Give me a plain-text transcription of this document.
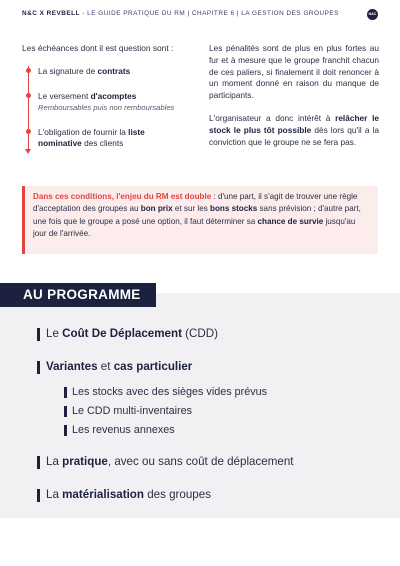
N&C X REVBELL - LE GUIDE PRATIQUE DU RM | CHAPITRE 6 | LA GESTION DES GROUPES	N&C
Les échéances dont il est question sont :
La signature de contrats
Le versement d'acomptes
Remboursables puis non remboursables
L'obligation de fournir la liste nominative des clients

Les pénalités sont de plus en plus fortes au fur et à mesure que le groupe franchit chacun de ces paliers, si finalement il doit renoncer à un moment donné en raison du manque de participants.

L'organisateur a donc intérêt à relâcher le stock le plus tôt possible dès lors qu'il a la conviction que le groupe ne se fera pas.

Dans ces conditions, l'enjeu du RM est double : d'une part, il s'agit de trouver une règle d'acceptation des groupes au bon prix et sur les bons stocks sans prévision ; d'autre part, une fois que le groupe a posé une option, il faut déterminer sa chance de survie jusqu'au jour de l'arrivée.
Le Coût De Déplacement (CDD)
Variantes et cas particulier
Les stocks avec des sièges vides prévus
Le CDD multi-inventaires
Les revenus annexes
La pratique, avec ou sans coût de déplacement
La matérialisation des groupes
AU PROGRAMME
